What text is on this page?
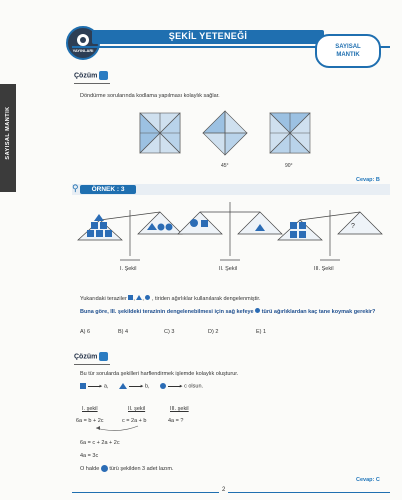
YAYINLARI
ŞEKİL YETENEĞİ
SAYISAL
MANTIK
SAYISAL MANTIK
Çözüm
Döndürme sorularında kodlama yapılması kolaylık sağlar.
45°	90°
Cevap: B
⚲	ÖRNEK : 3
?
I. Şekil	II. Şekil	III. Şekil
Yukarıdaki teraziler , ,  , tiriden ağırlıklar kullanılarak dengelenmiştir.
Buna göre, III. şekildeki terazinin dengelenebilmesi için sağ kefeye türü ağırlıklardan kaç tane koymak gerekir?
A) 6	B) 4	C) 3	D) 2	E) 1
Çözüm
Bu tür sorularda şekilleri harflendirmek işlemde kolaylık oluşturur.
▸ a,	▸ b,	▸ c olsun.
I. şekil	II. şekil	III. şekil
6a = b + 2c	c = 2a + b	4a = ?
6a = c + 2a + 2c
4a = 3c
O halde türü şekilden 3 adet lazım.
Cevap: C
2
